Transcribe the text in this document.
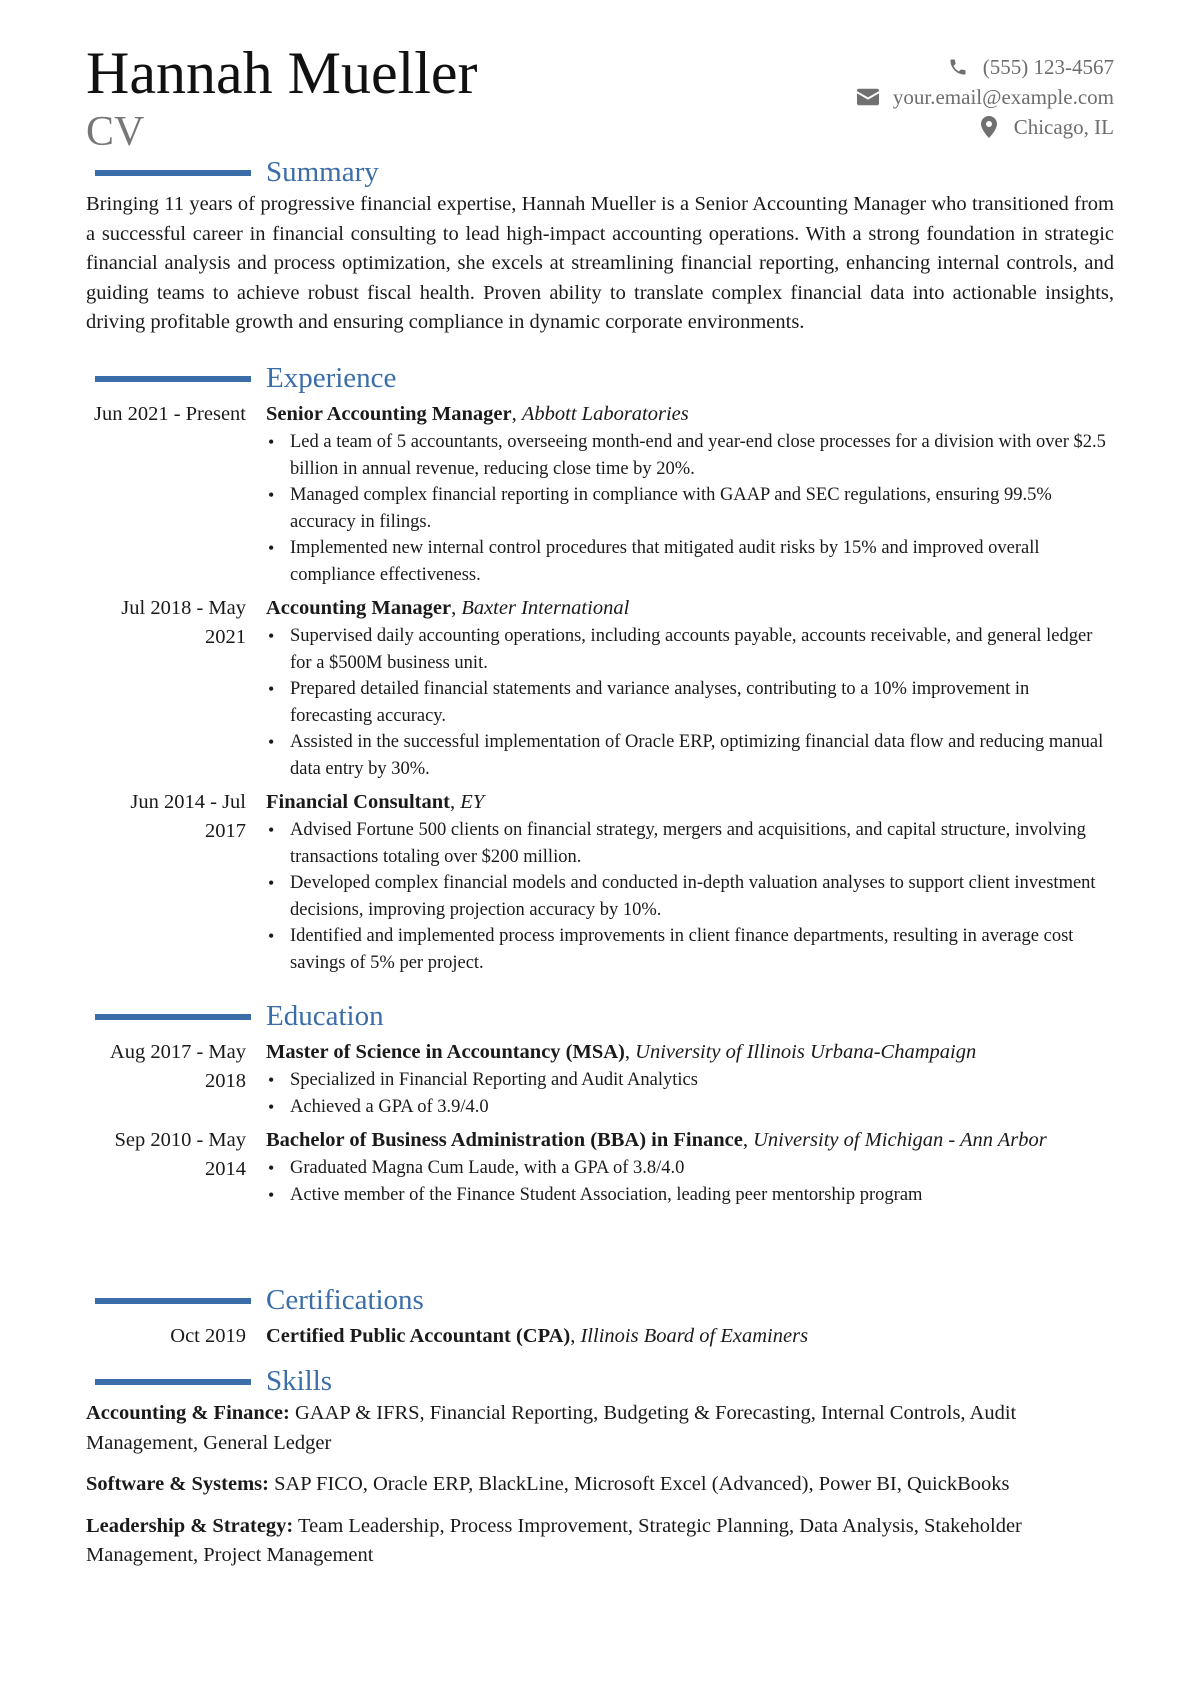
Hannah Mueller
CV
(555) 123-4567
your.email@example.com
Chicago, IL
Summary
Bringing 11 years of progressive financial expertise, Hannah Mueller is a Senior Accounting Manager who transitioned from a successful career in financial consulting to lead high-impact accounting operations. With a strong foundation in strategic financial analysis and process optimization, she excels at streamlining financial reporting, enhancing internal controls, and guiding teams to achieve robust fiscal health. Proven ability to translate complex financial data into actionable insights, driving profitable growth and ensuring compliance in dynamic corporate environments.
Experience
Jun 2021 - Present Senior Accounting Manager, Abbott Laboratories
• Led a team of 5 accountants, overseeing month-end and year-end close processes for a division with over $2.5 billion in annual revenue, reducing close time by 20%.
• Managed complex financial reporting in compliance with GAAP and SEC regulations, ensuring 99.5% accuracy in filings.
• Implemented new internal control procedures that mitigated audit risks by 15% and improved overall compliance effectiveness.
Jul 2018 - May 2021
Accounting Manager, Baxter International
• Supervised daily accounting operations, including accounts payable, accounts receivable, and general ledger for a $500M business unit.
• Prepared detailed financial statements and variance analyses, contributing to a 10% improvement in forecasting accuracy.
• Assisted in the successful implementation of Oracle ERP, optimizing financial data flow and reducing manual data entry by 30%.
Jun 2014 - Jul 2017
Financial Consultant, EY
• Advised Fortune 500 clients on financial strategy, mergers and acquisitions, and capital structure, involving transactions totaling over $200 million.
• Developed complex financial models and conducted in-depth valuation analyses to support client investment decisions, improving projection accuracy by 10%.
• Identified and implemented process improvements in client finance departments, resulting in average cost savings of 5% per project.
Education
Aug 2017 - May 2018
Master of Science in Accountancy (MSA), University of Illinois Urbana-Champaign
• Specialized in Financial Reporting and Audit Analytics
• Achieved a GPA of 3.9/4.0
Sep 2010 - May 2014
Bachelor of Business Administration (BBA) in Finance, University of Michigan - Ann Arbor
• Graduated Magna Cum Laude, with a GPA of 3.8/4.0
• Active member of the Finance Student Association, leading peer mentorship program
Certifications
Oct 2019 Certified Public Accountant (CPA), Illinois Board of Examiners
Skills
Accounting & Finance: GAAP & IFRS, Financial Reporting, Budgeting & Forecasting, Internal Controls, Audit Management, General Ledger
Software & Systems: SAP FICO, Oracle ERP, BlackLine, Microsoft Excel (Advanced), Power BI, QuickBooks
Leadership & Strategy: Team Leadership, Process Improvement, Strategic Planning, Data Analysis, Stakeholder Management, Project Management
